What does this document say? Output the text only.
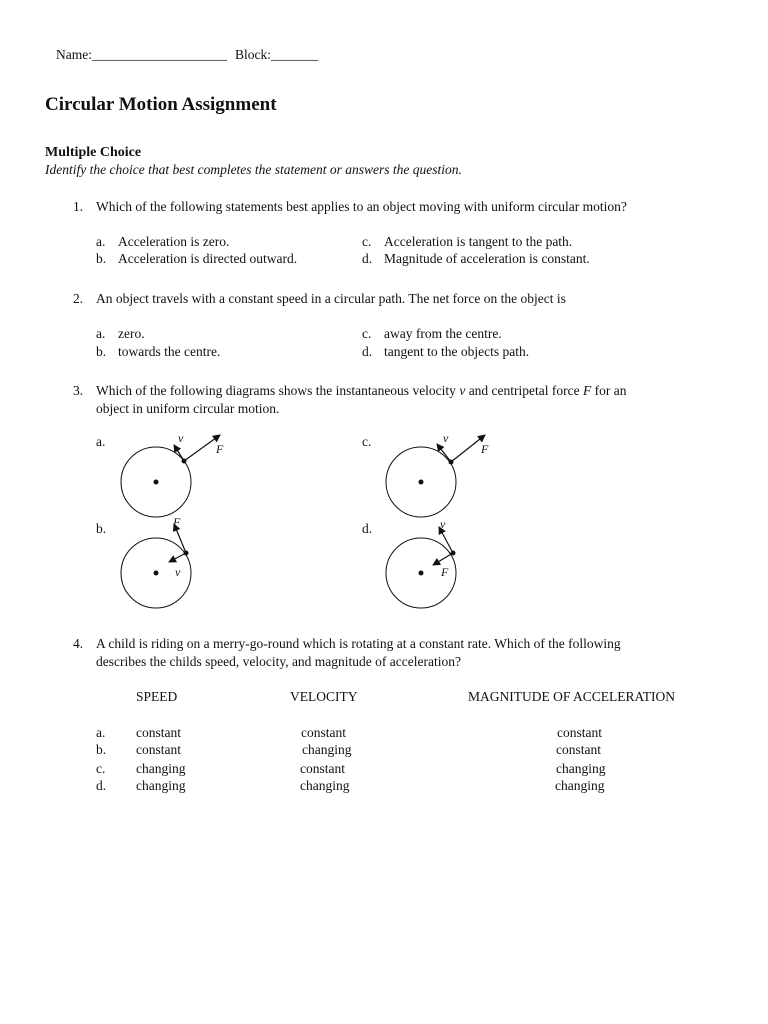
Name:____________________ Block:_______
Circular Motion Assignment
Multiple Choice
Identify the choice that best completes the statement or answers the question.
1. Which of the following statements best applies to an object moving with uniform circular motion?
a. Acceleration is zero.
b. Acceleration is directed outward.
c. Acceleration is tangent to the path.
d. Magnitude of acceleration is constant.
2. An object travels with a constant speed in a circular path. The net force on the object is
a. zero.
b. towards the centre.
c. away from the centre.
d. tangent to the objects path.
3. Which of the following diagrams shows the instantaneous velocity v and centripetal force F for an
object in uniform circular motion.
a.	v
F
b.	F
v
c.	v
F
d.	v
F
4. A child is riding on a merry-go-round which is rotating at a constant rate. Which of the following
describes the childs speed, velocity, and magnitude of acceleration?
SPEED	VELOCITY	MAGNITUDE OF ACCELERATION
a. constant	constant	constant
b. constant	changing	constant
c. changing	constant	changing
d. changing	changing	changing
